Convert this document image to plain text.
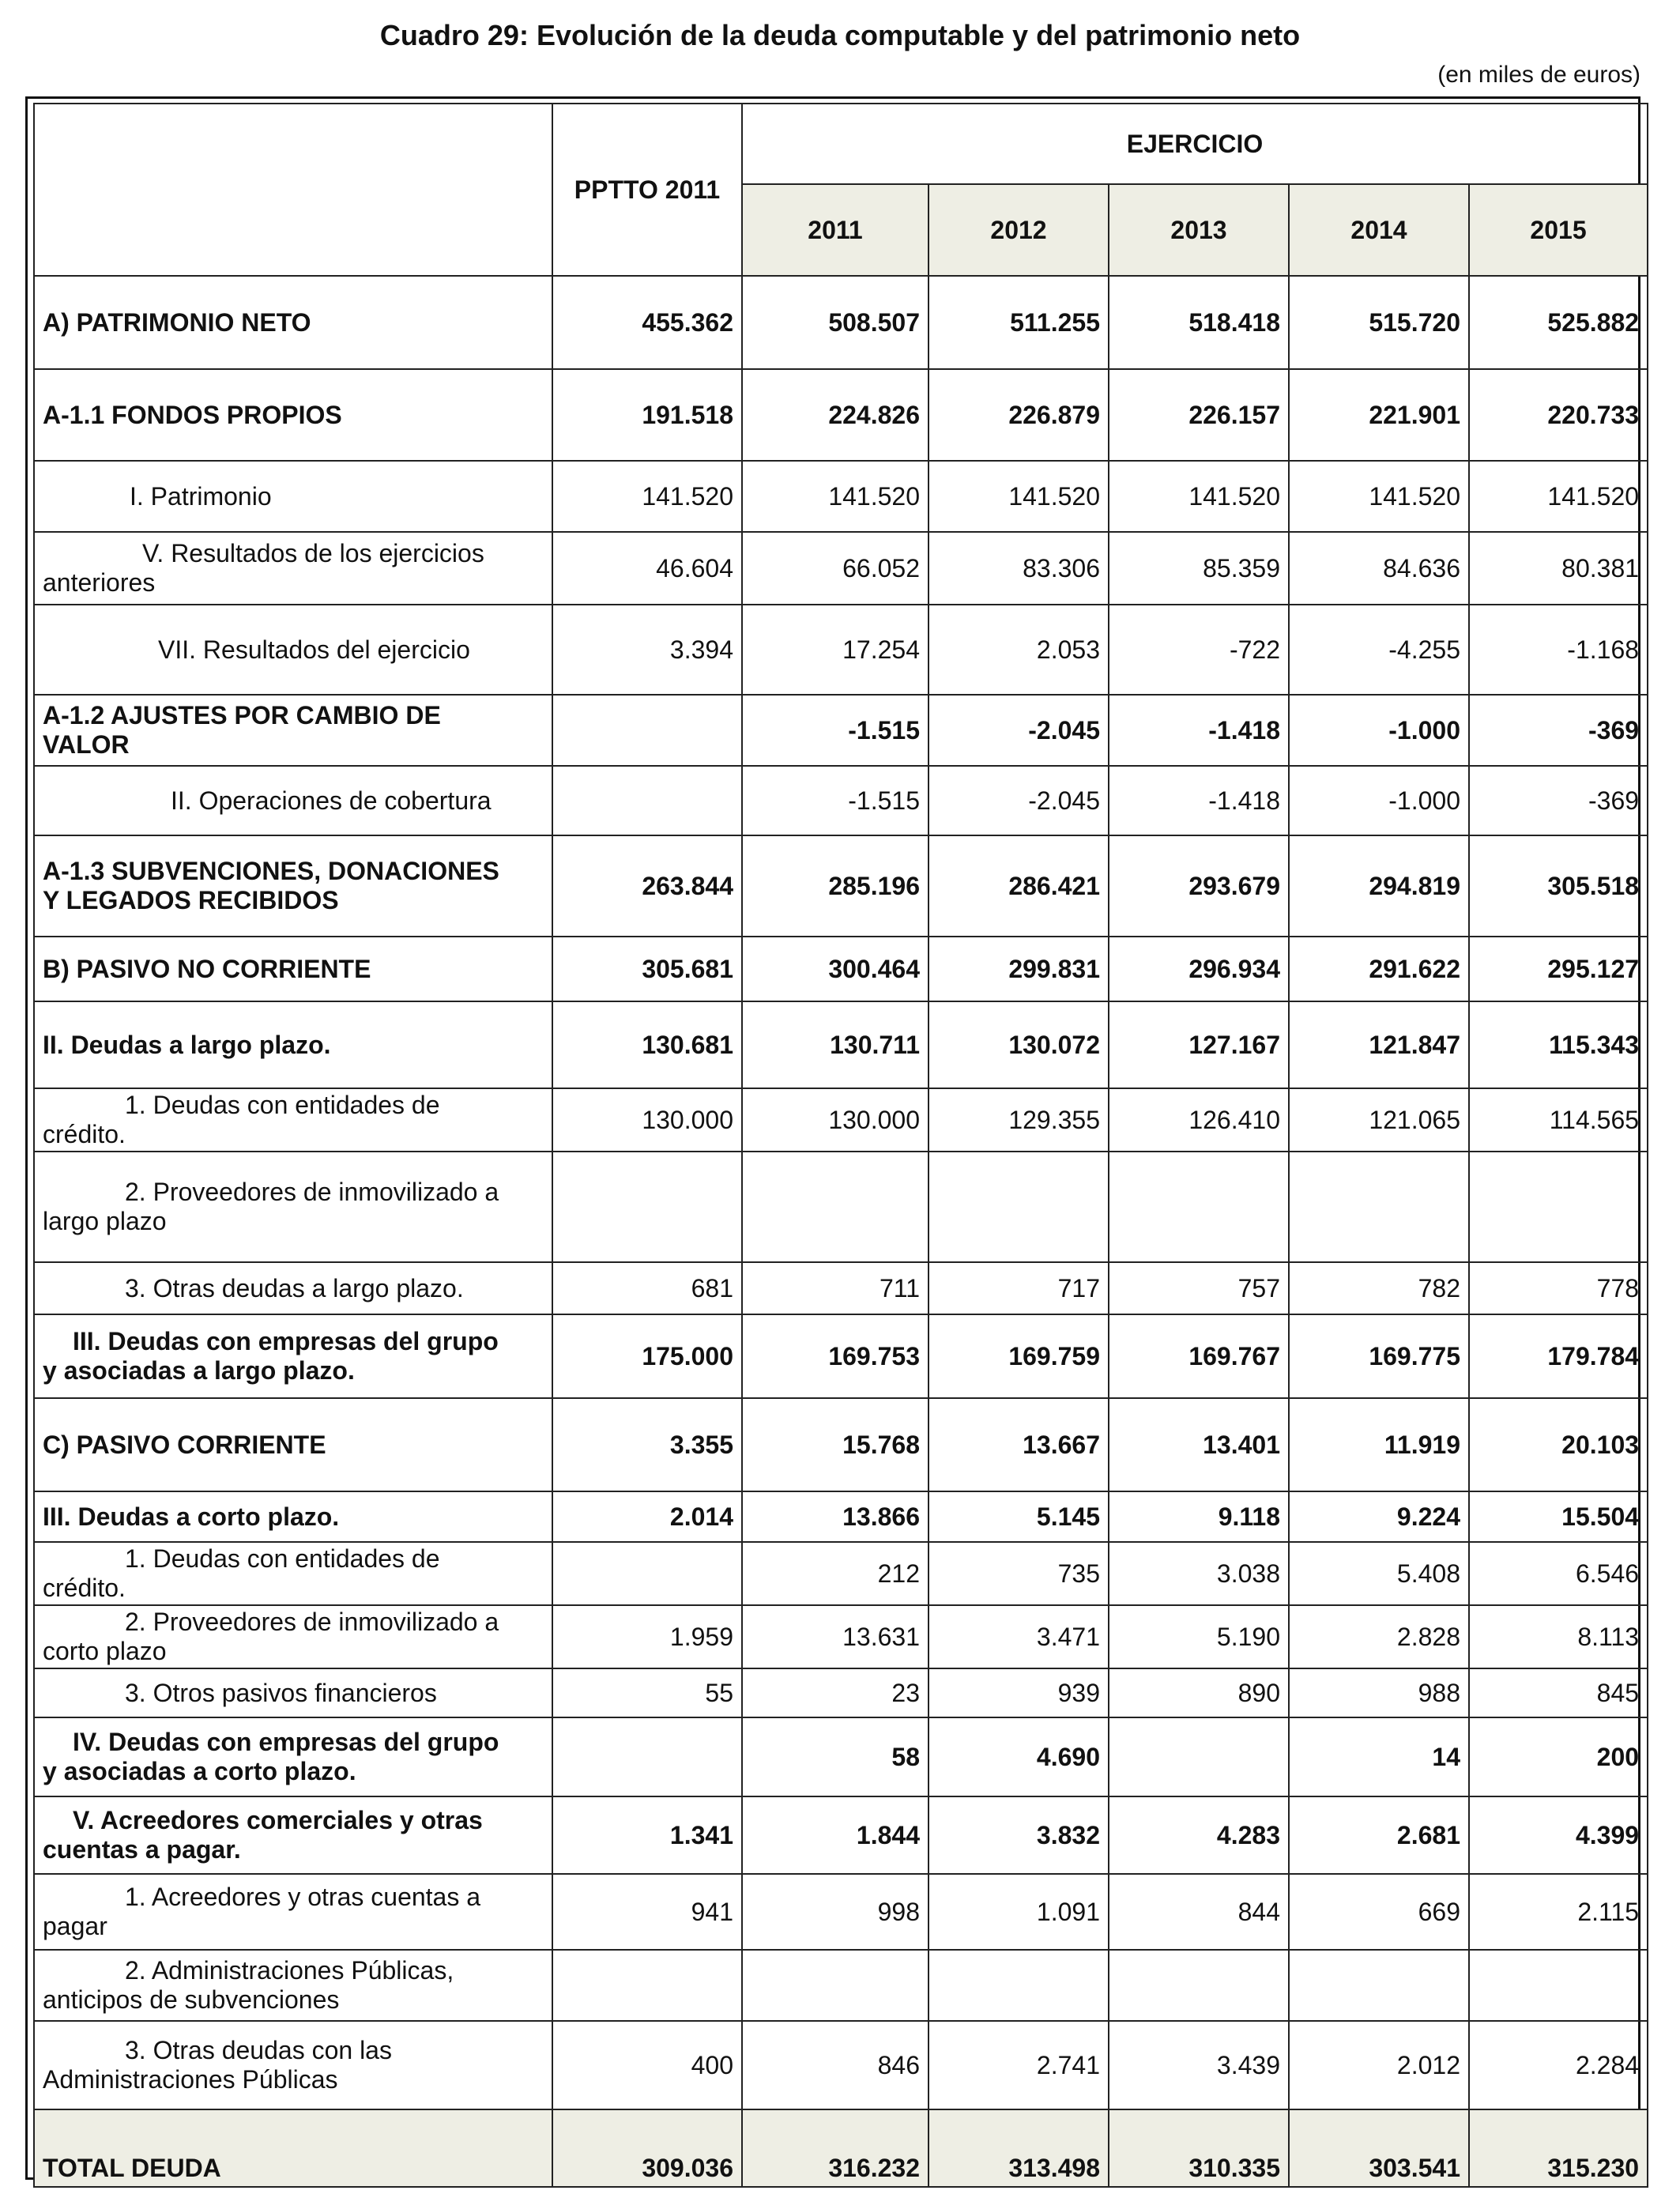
Cuadro 29: Evolución de la deuda computable y del patrimonio neto
(en miles de euros)
	PPTTO 2011	EJERCICIO				
		2011	2012	2013	2014	2015

A) PATRIMONIO NETO	455.362	508.507	511.255	518.418	515.720	525.882

A-1.1 FONDOS PROPIOS	191.518	224.826	226.879	226.157	221.901	220.733

I. Patrimonio	141.520	141.520	141.520	141.520	141.520	141.520

V. Resultados de los ejercicios
anteriores	46.604	66.052	83.306	85.359	84.636	80.381

VII. Resultados del ejercicio	3.394	17.254	2.053	-722	-4.255	-1.168

A-1.2 AJUSTES POR CAMBIO DE
VALOR		-1.515	-2.045	-1.418	-1.000	-369

II. Operaciones de cobertura		-1.515	-2.045	-1.418	-1.000	-369

A-1.3 SUBVENCIONES, DONACIONES
Y LEGADOS RECIBIDOS	263.844	285.196	286.421	293.679	294.819	305.518

B) PASIVO NO CORRIENTE	305.681	300.464	299.831	296.934	291.622	295.127

II. Deudas a largo plazo.	130.681	130.711	130.072	127.167	121.847	115.343

1. Deudas con entidades de
crédito.	130.000	130.000	129.355	126.410	121.065	114.565

2. Proveedores de inmovilizado a
largo plazo						

3. Otras deudas a largo plazo.	681	711	717	757	782	778

III. Deudas con empresas del grupo
y asociadas a largo plazo.	175.000	169.753	169.759	169.767	169.775	179.784

C) PASIVO CORRIENTE	3.355	15.768	13.667	13.401	11.919	20.103

III. Deudas a corto plazo.	2.014	13.866	5.145	9.118	9.224	15.504

1. Deudas con entidades de
crédito.		212	735	3.038	5.408	6.546

2. Proveedores de inmovilizado a
corto plazo	1.959	13.631	3.471	5.190	2.828	8.113

3. Otros pasivos financieros	55	23	939	890	988	845

IV. Deudas con empresas del grupo
y asociadas a corto plazo.		58	4.690		14	200

V. Acreedores comerciales y otras
cuentas a pagar.	1.341	1.844	3.832	4.283	2.681	4.399

1. Acreedores y otras cuentas a
pagar	941	998	1.091	844	669	2.115

2. Administraciones Públicas,
anticipos de subvenciones						

3. Otras deudas con las
Administraciones Públicas	400	846	2.741	3.439	2.012	2.284

TOTAL DEUDA	309.036	316.232	313.498	310.335	303.541	315.230
